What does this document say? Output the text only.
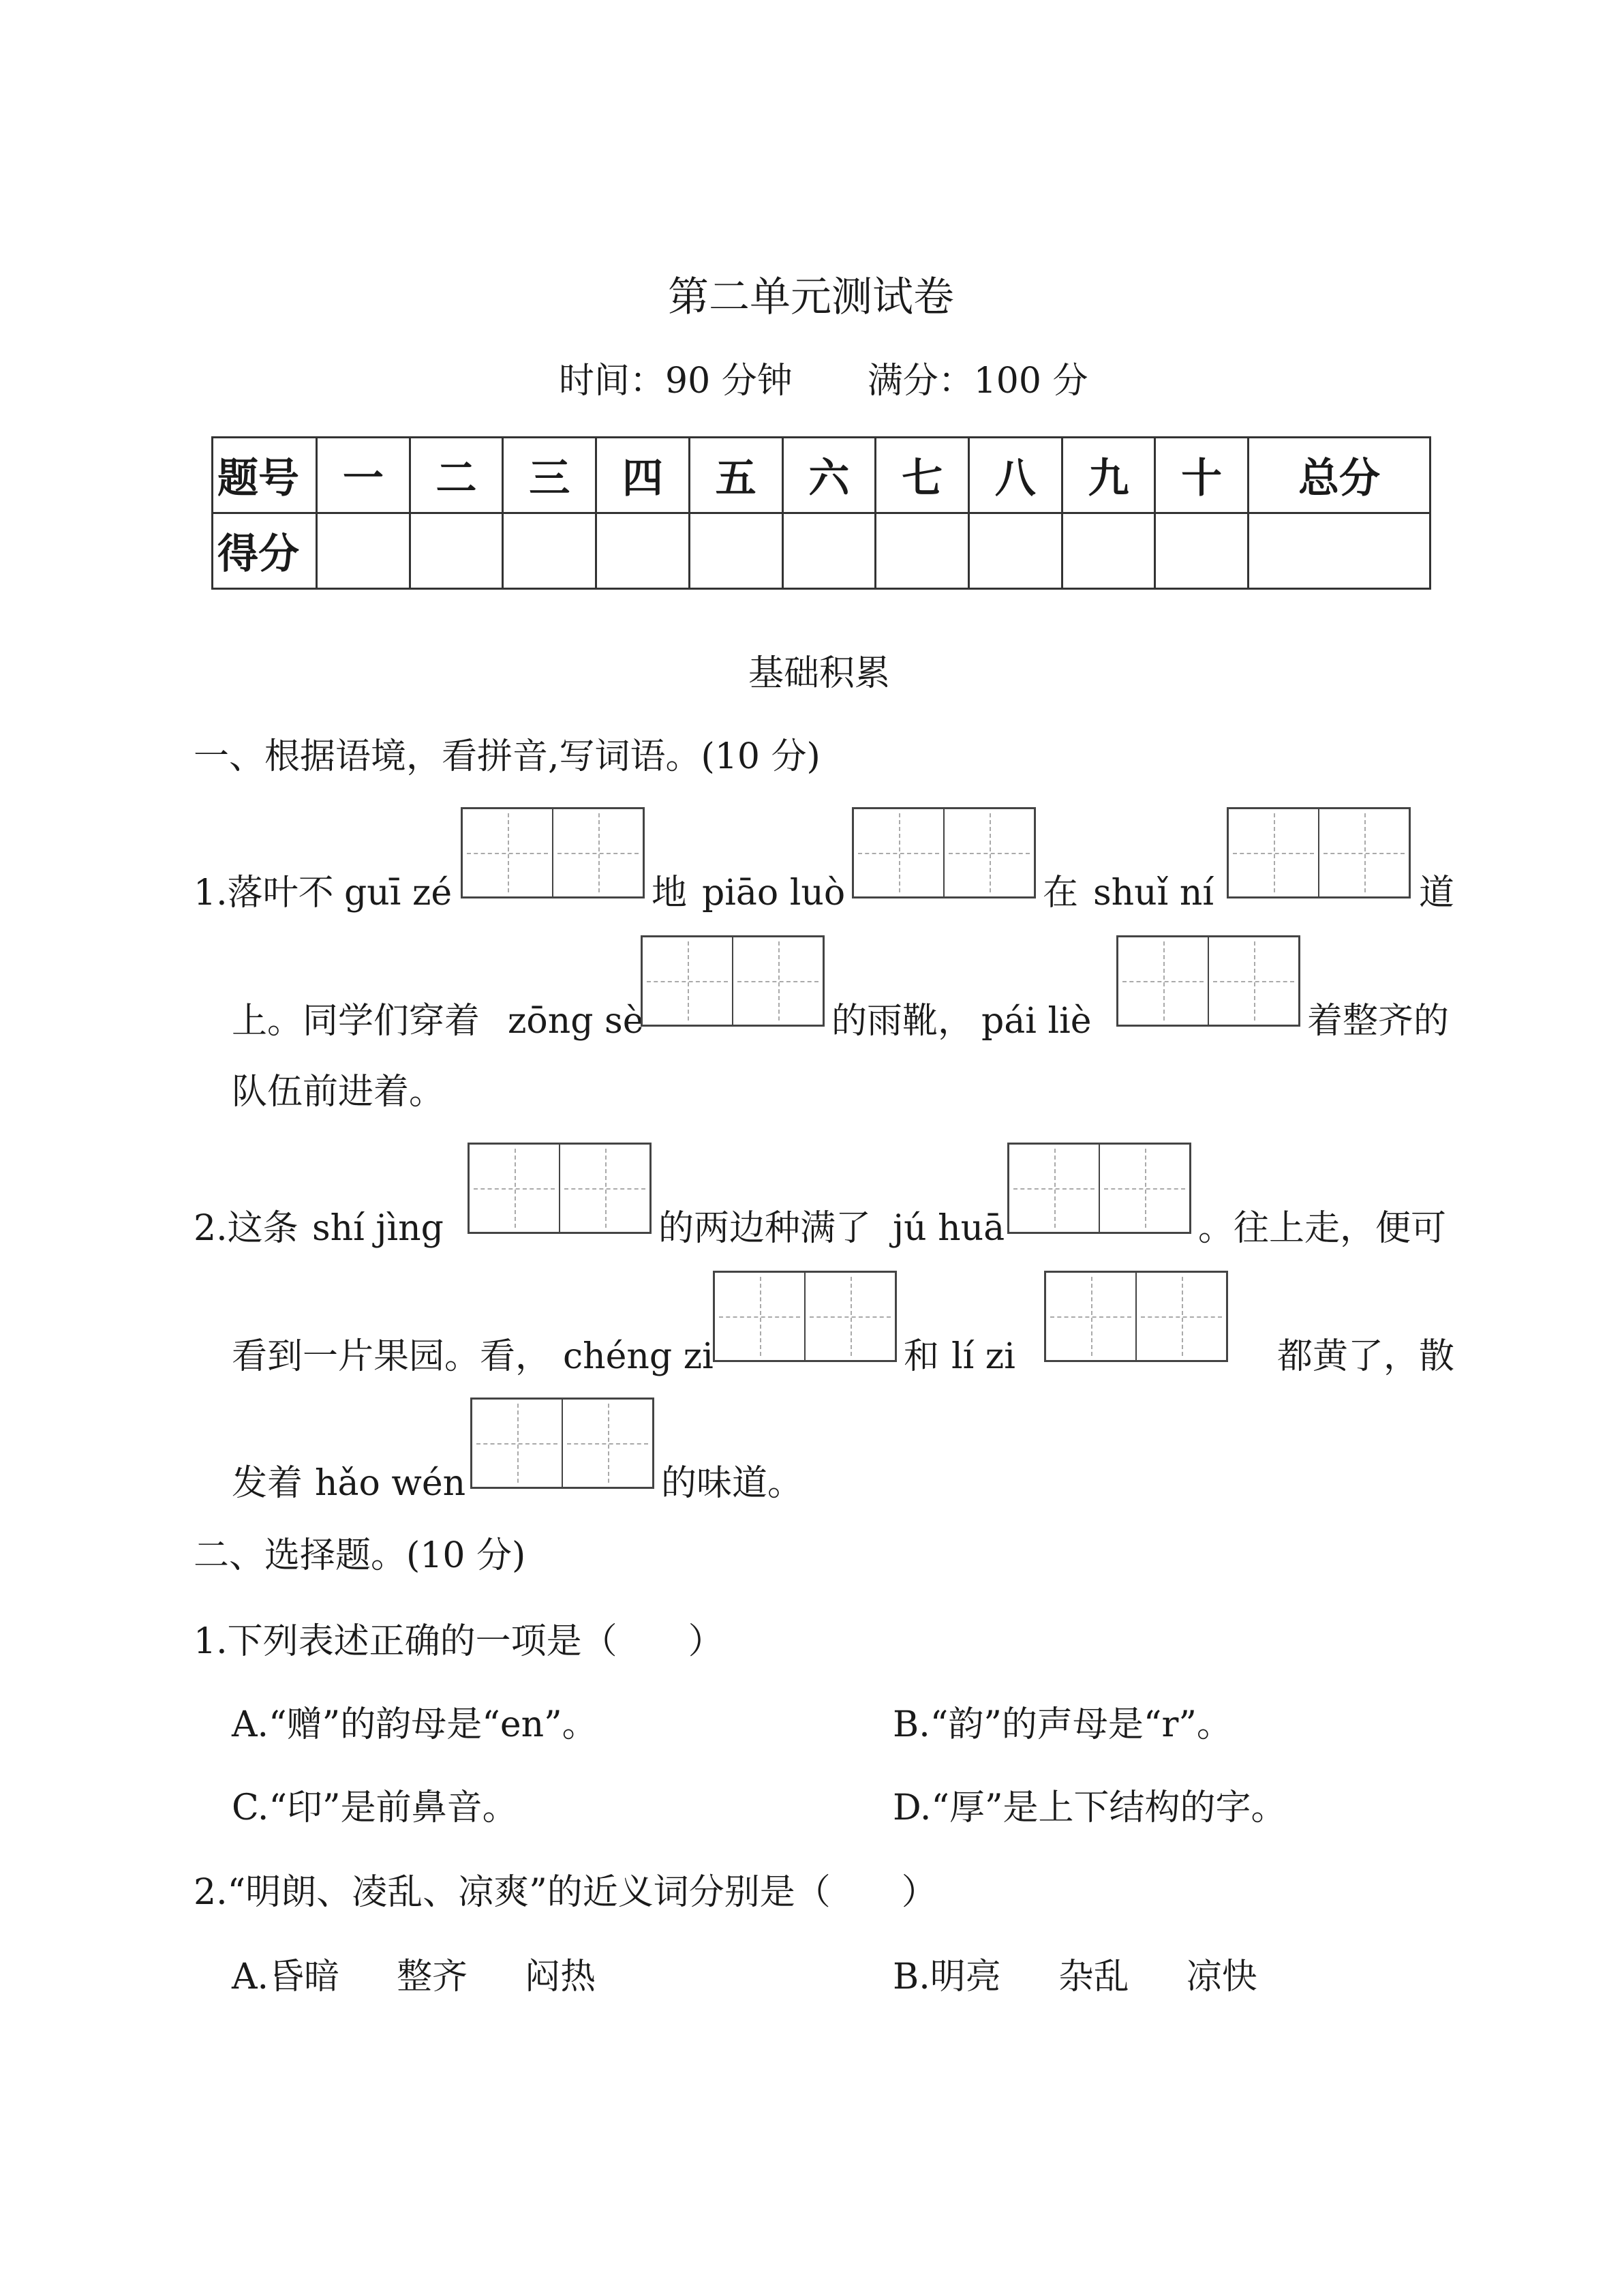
第二单元测试卷
时间：90 分钟 满分：100 分
题号	一	二	三	四	五	六	七	八	九	十	总分
得分											
基础积累
一、根据语境，看拼音,写词语。(10 分)
1.落叶不 guī zé	地 piāo luò	在 shuǐ ní	道
上。同学们穿着 zōng sè	的雨靴， pái liè	着整齐的
队伍前进着。
2.这条 shí jìng	的两边种满了 jú huā	。往上走，便可
看到一片果园。看， chéng zi	和 lí zi	都黄了，散
发着 hǎo wén	的味道。
二、选择题。(10 分)
1.下列表述正确的一项是（　　）
A.“赠”的韵母是“en”。	B.“韵”的声母是“r”。
C.“印”是前鼻音。	D.“厚”是上下结构的字。
2.“明朗、凌乱、凉爽”的近义词分别是（　　）
A.昏暗 整齐 闷热	B.明亮 杂乱 凉快
